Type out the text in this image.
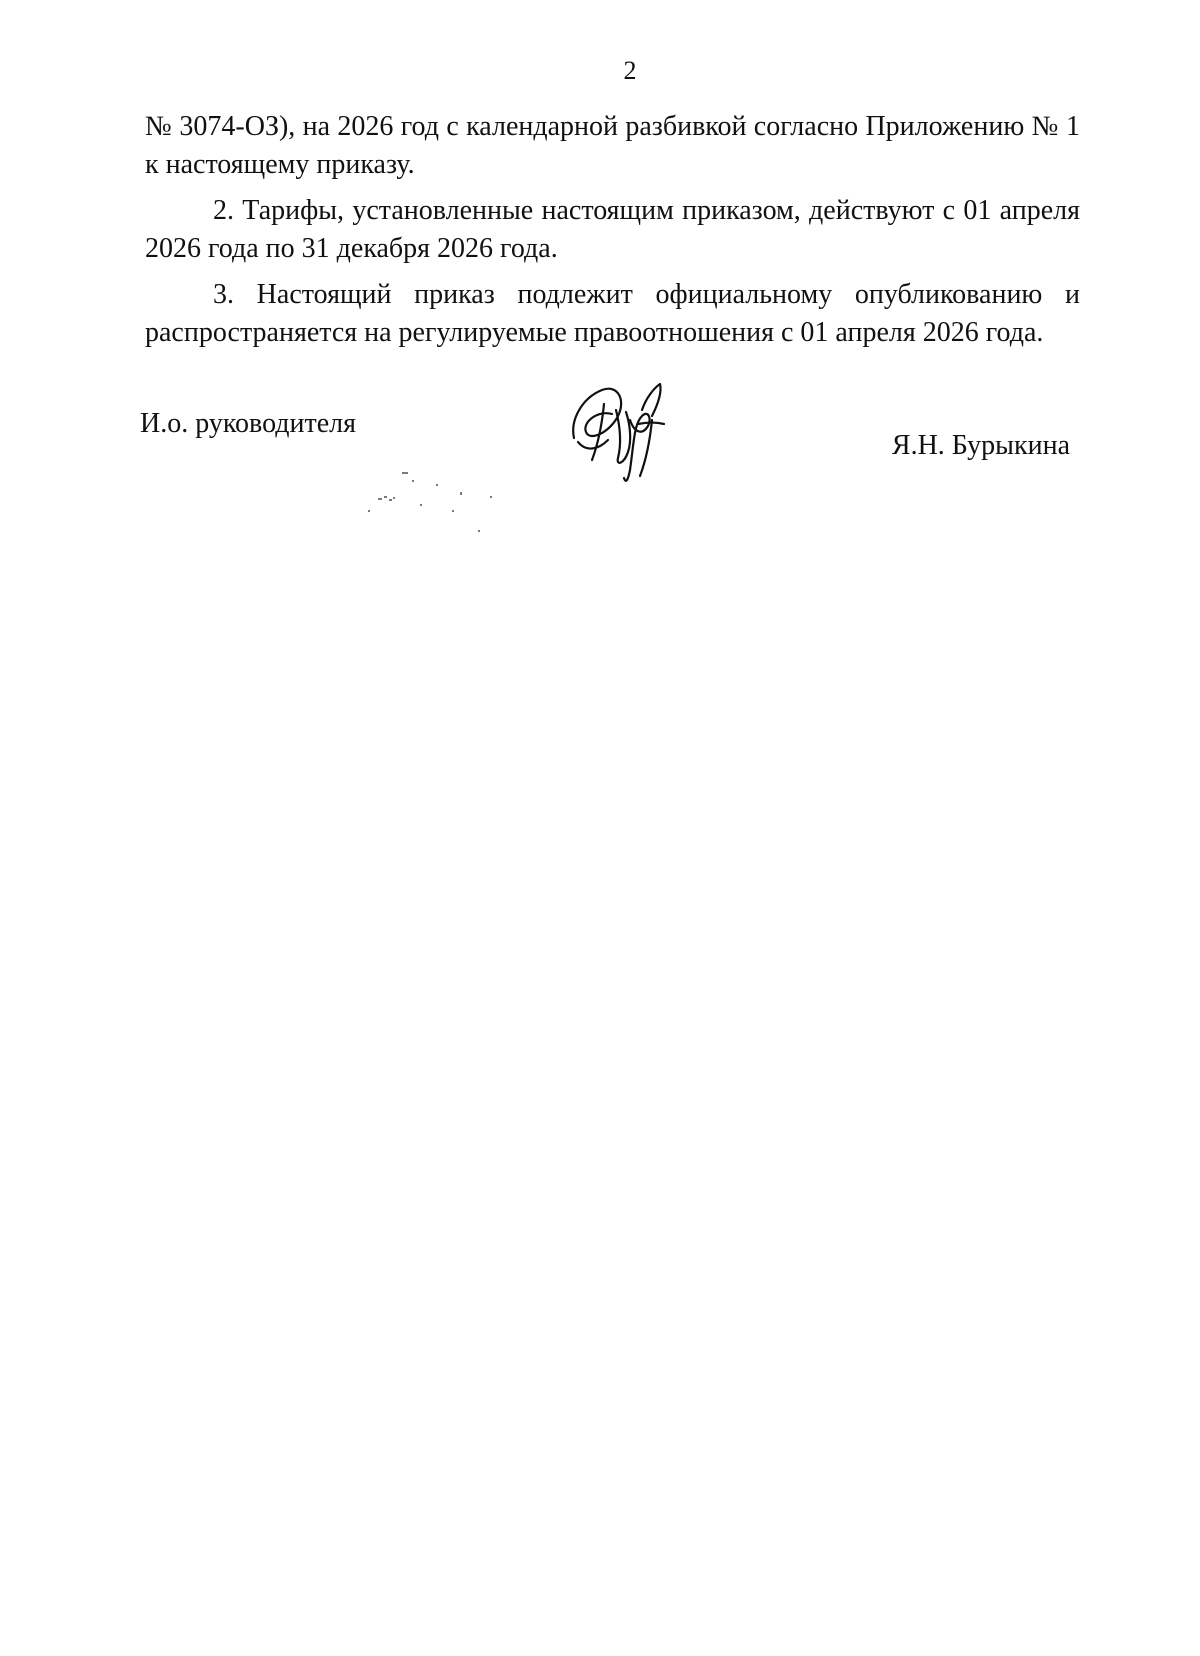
2

№ 3074-ОЗ), на 2026 год с календарной разбивкой согласно Приложению № 1 к настоящему приказу.

2. Тарифы, установленные настоящим приказом, действуют с 01 апреля 2026 года по 31 декабря 2026 года.

3. Настоящий приказ подлежит официальному опубликованию и распространяется на регулируемые правоотношения с 01 апреля 2026 года.

И.о. руководителя
Я.Н. Бурыкина
